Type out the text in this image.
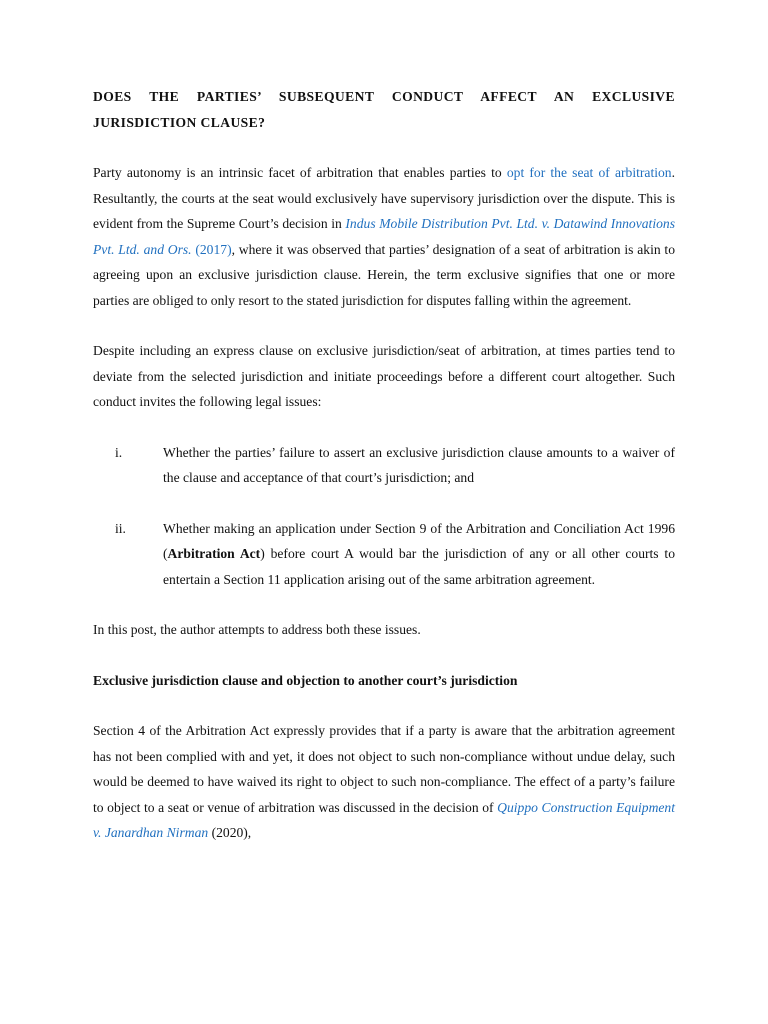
DOES THE PARTIES’ SUBSEQUENT CONDUCT AFFECT AN EXCLUSIVE JURISDICTION CLAUSE?

Party autonomy is an intrinsic facet of arbitration that enables parties to opt for the seat of arbitration. Resultantly, the courts at the seat would exclusively have supervisory jurisdiction over the dispute. This is evident from the Supreme Court’s decision in Indus Mobile Distribution Pvt. Ltd. v. Datawind Innovations Pvt. Ltd. and Ors. (2017), where it was observed that parties’ designation of a seat of arbitration is akin to agreeing upon an exclusive jurisdiction clause. Herein, the term exclusive signifies that one or more parties are obliged to only resort to the stated jurisdiction for disputes falling within the agreement.

Despite including an express clause on exclusive jurisdiction/seat of arbitration, at times parties tend to deviate from the selected jurisdiction and initiate proceedings before a different court altogether. Such conduct invites the following legal issues:

i.	Whether the parties’ failure to assert an exclusive jurisdiction clause amounts to a waiver of the clause and acceptance of that court’s jurisdiction; and
ii.	Whether making an application under Section 9 of the Arbitration and Conciliation Act 1996 (Arbitration Act) before court A would bar the jurisdiction of any or all other courts to entertain a Section 11 application arising out of the same arbitration agreement.

In this post, the author attempts to address both these issues.

Exclusive jurisdiction clause and objection to another court’s jurisdiction

Section 4 of the Arbitration Act expressly provides that if a party is aware that the arbitration agreement has not been complied with and yet, it does not object to such non-compliance without undue delay, such would be deemed to have waived its right to object to such non-compliance. The effect of a party’s failure to object to a seat or venue of arbitration was discussed in the decision of Quippo Construction Equipment v. Janardhan Nirman (2020),
